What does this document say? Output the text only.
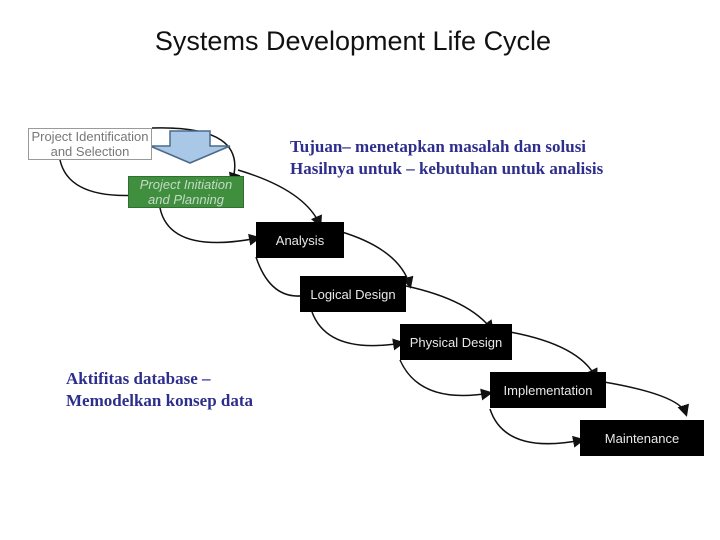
Systems Development Life Cycle
Project Identification
and Selection
Project Initiation
and Planning
Analysis
Logical Design
Physical Design
Implementation
Maintenance
Tujuan– menetapkan masalah dan solusi
Hasilnya untuk – kebutuhan untuk analisis
Aktifitas database –
Memodelkan konsep data
